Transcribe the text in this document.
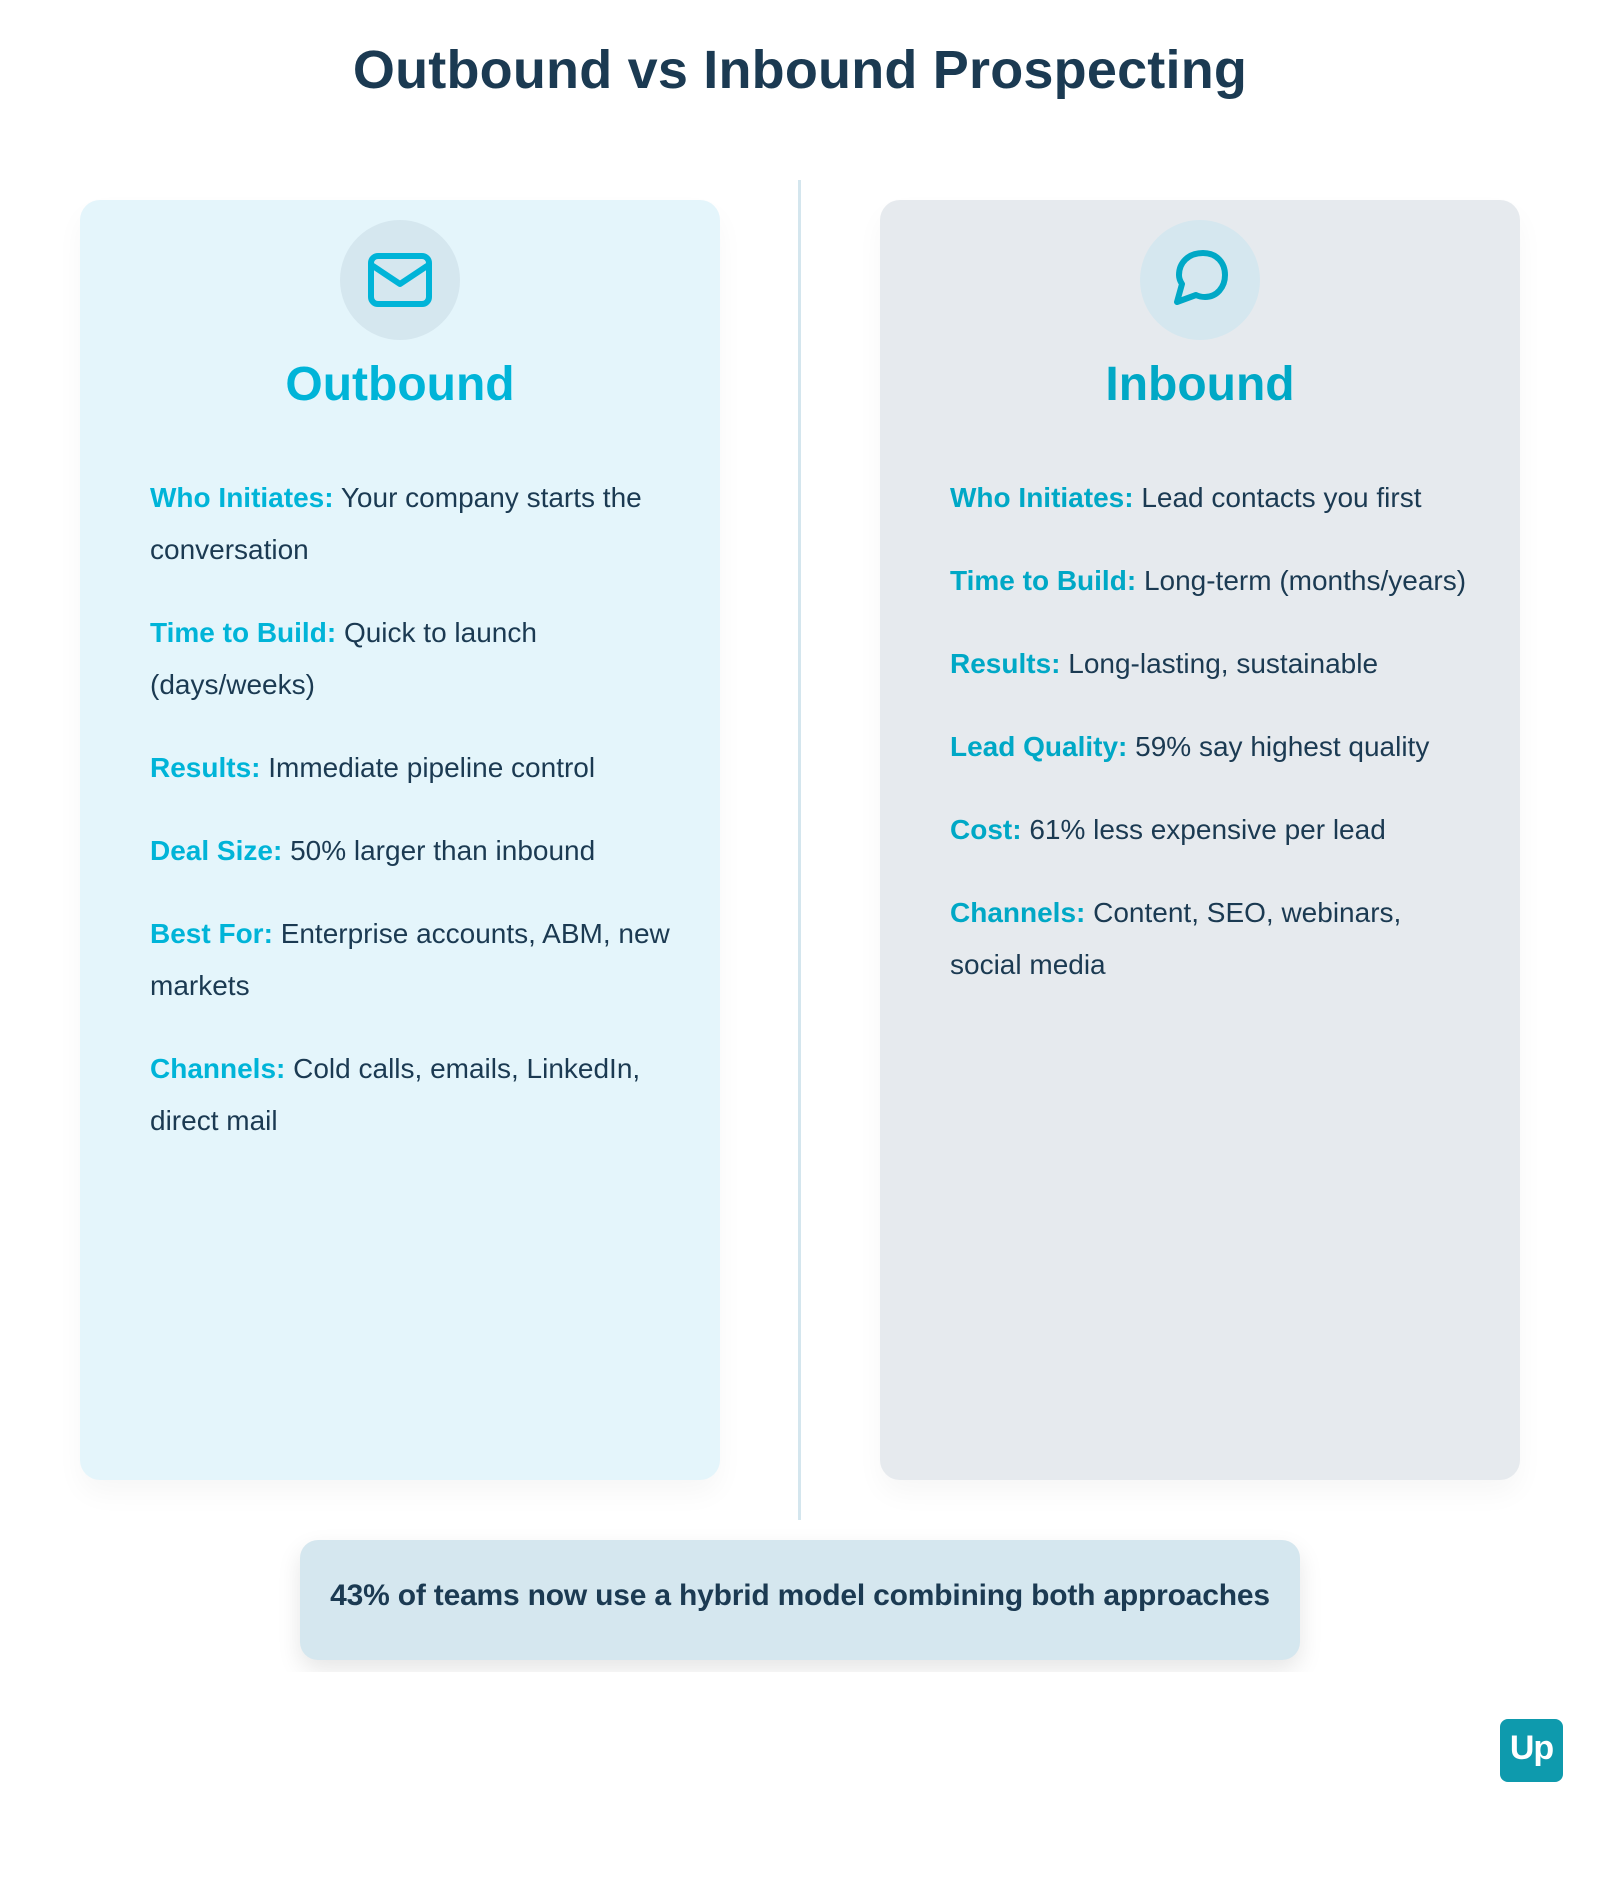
Outbound vs Inbound Prospecting
Outbound
Who Initiates: Your company starts the conversation
Time to Build: Quick to launch (days/weeks)
Results: Immediate pipeline control
Deal Size: 50% larger than inbound
Best For: Enterprise accounts, ABM, new markets
Channels: Cold calls, emails, LinkedIn, direct mail
Inbound
Who Initiates: Lead contacts you first
Time to Build: Long-term (months/years)
Results: Long-lasting, sustainable
Lead Quality: 59% say highest quality
Cost: 61% less expensive per lead
Channels: Content, SEO, webinars, social media
43% of teams now use a hybrid model combining both approaches
Up
